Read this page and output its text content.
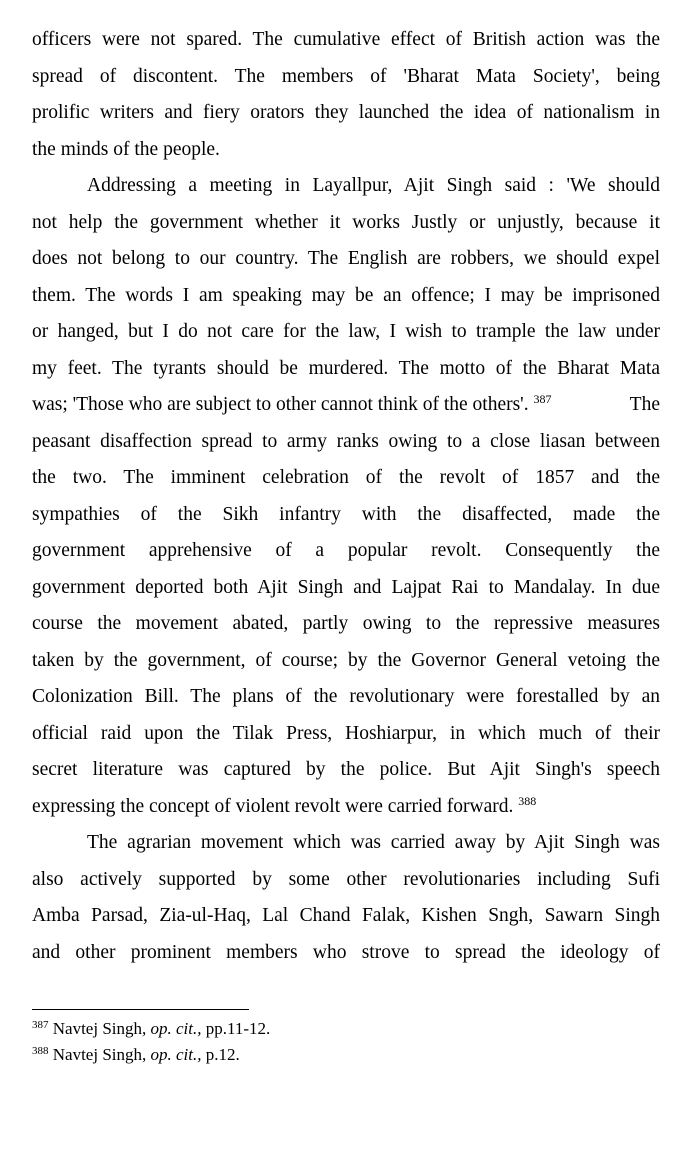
officers were not spared. The cumulative effect of British action was the
spread of discontent. The members of 'Bharat Mata Society', being
prolific writers and fiery orators they launched the idea of nationalism in
the minds of the people.
Addressing a meeting in Layallpur, Ajit Singh said : 'We should
not help the government whether it works Justly or unjustly, because it
does not belong to our country. The English are robbers, we should expel
them. The words I am speaking may be an offence; I may be imprisoned
or hanged, but I do not care for the law, I wish to trample the law under
my feet. The tyrants should be murdered. The motto of the Bharat Mata
was; 'Those who are subject to other cannot think of the others'. $^{387}$	The
peasant disaffection spread to army ranks owing to a close liasan between
the two. The imminent celebration of the revolt of 1857 and the
sympathies of the Sikh infantry with the disaffected, made the
government apprehensive of a popular revolt. Consequently the
government deported both Ajit Singh and Lajpat Rai to Mandalay. In due
course the movement abated, partly owing to the repressive measures
taken by the government, of course; by the Governor General vetoing the
Colonization Bill. The plans of the revolutionary were forestalled by an
official raid upon the Tilak Press, Hoshiarpur, in which much of their
secret literature was captured by the police. But Ajit Singh's speech
expressing the concept of violent revolt were carried forward. $^{388}$
The agrarian movement which was carried away by Ajit Singh was
also actively supported by some other revolutionaries including Sufi
Amba Parsad, Zia-ul-Haq, Lal Chand Falak, Kishen Sngh, Sawarn Singh
and other prominent members who strove to spread the ideology of
$^{387}$ Navtej Singh, op. cit., pp.11-12.
$^{388}$ Navtej Singh, op. cit., p.12.
